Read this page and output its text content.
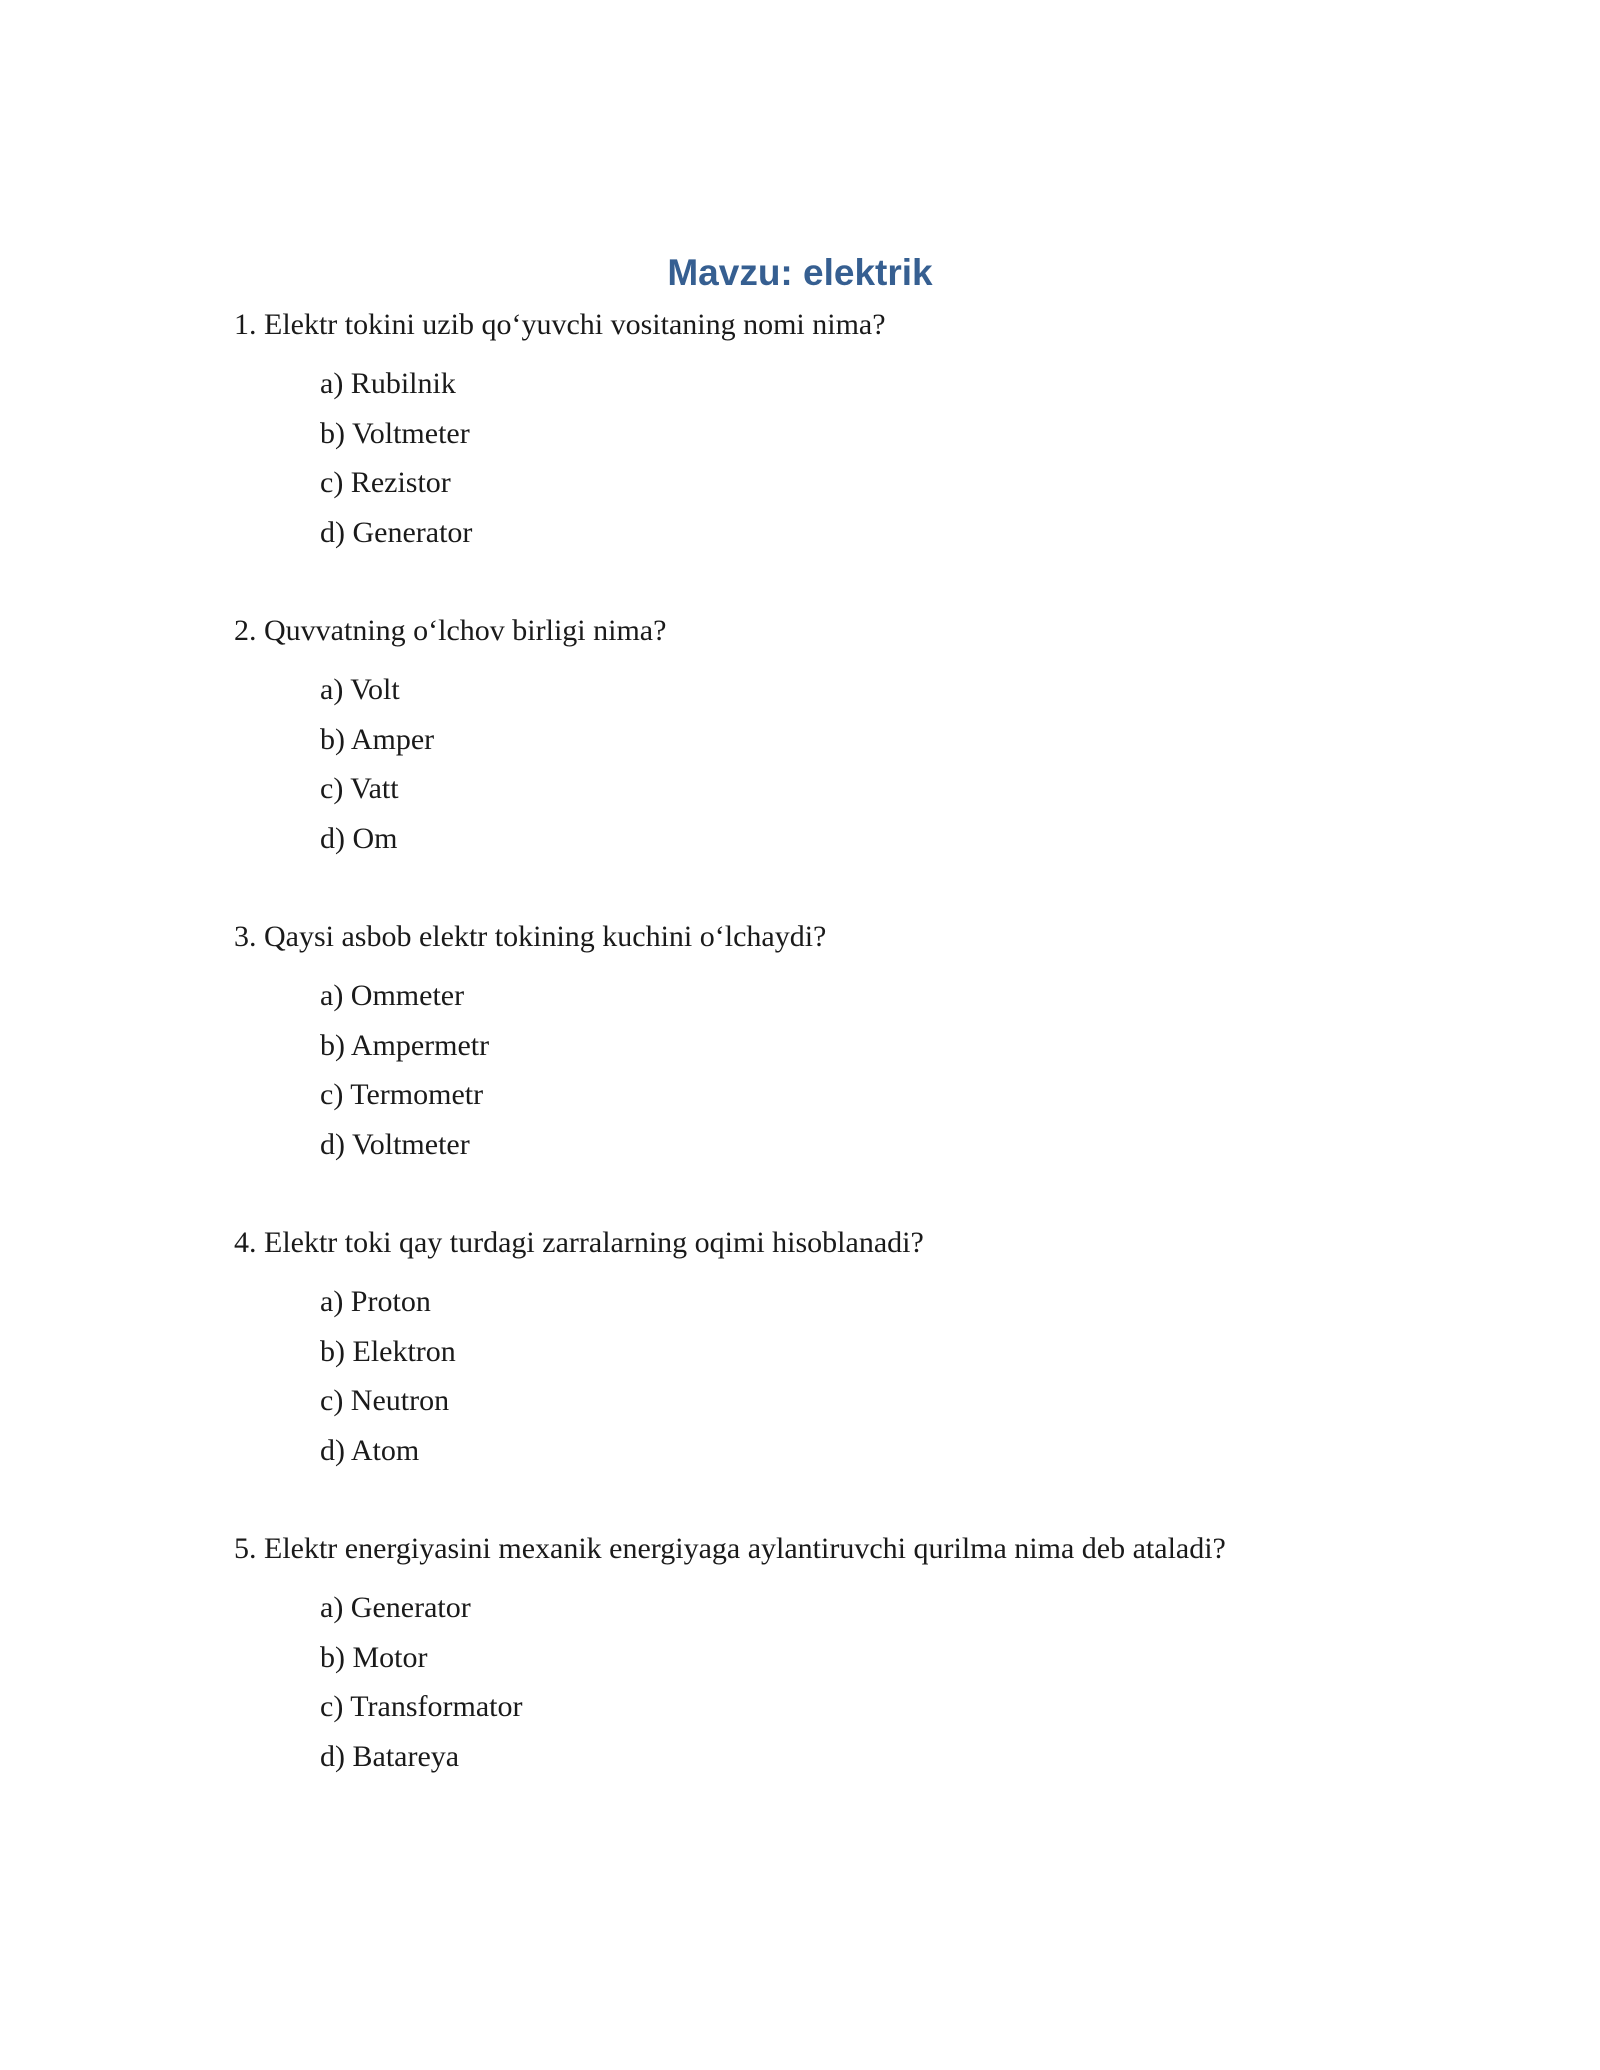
Mavzu: elektrik

1. Elektr tokini uzib qo‘yuvchi vositaning nomi nima?

a) Rubilnik
b) Voltmeter
c) Rezistor
d) Generator

2. Quvvatning o‘lchov birligi nima?

a) Volt
b) Amper
c) Vatt
d) Om

3. Qaysi asbob elektr tokining kuchini o‘lchaydi?

a) Ommeter
b) Ampermetr
c) Termometr
d) Voltmeter

4. Elektr toki qay turdagi zarralarning oqimi hisoblanadi?

a) Proton
b) Elektron
c) Neutron
d) Atom

5. Elektr energiyasini mexanik energiyaga aylantiruvchi qurilma nima deb ataladi?

a) Generator
b) Motor
c) Transformator
d) Batareya
